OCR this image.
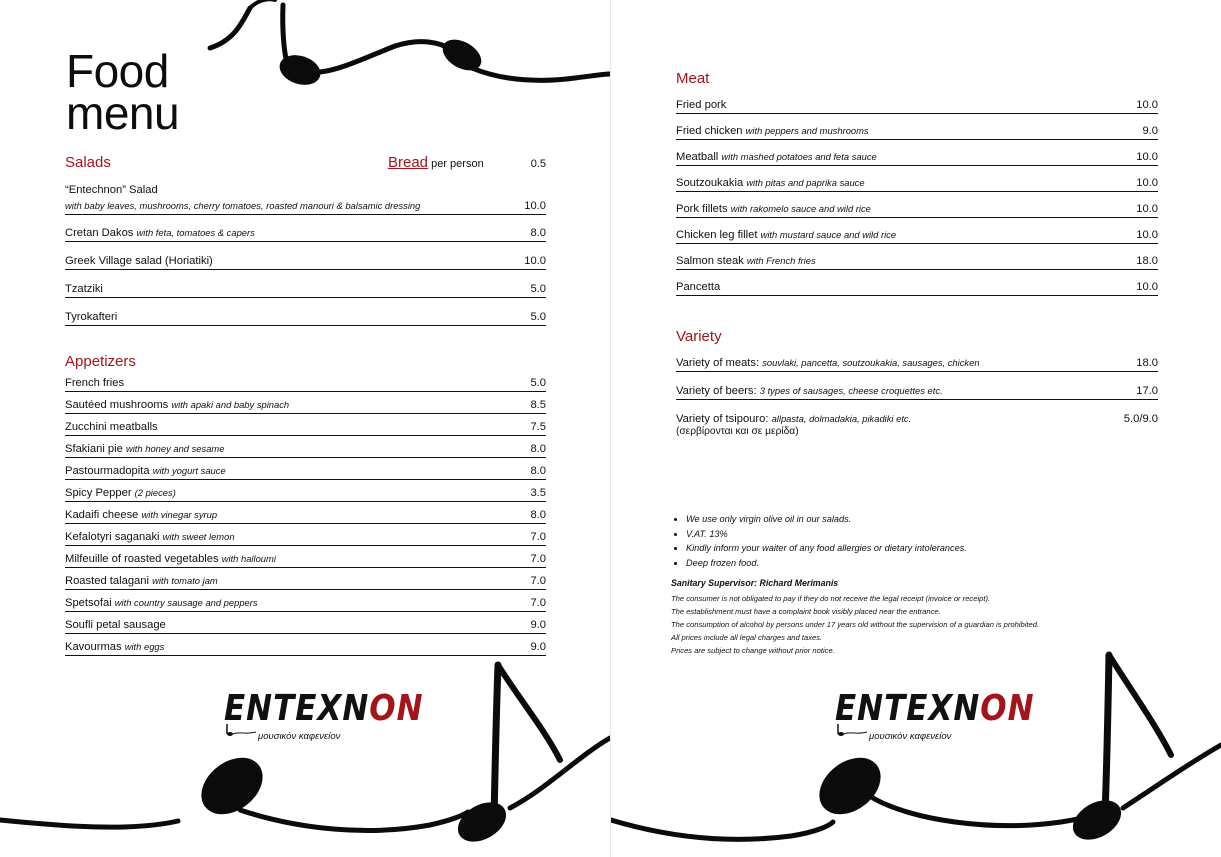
Food
menu
Salads	Bread per person	0.5
“Entechnon” Salad
with baby leaves, mushrooms, cherry tomatoes, roasted manouri & balsamic dressing	10.0
Cretan Dakos with feta, tomatoes & capers	8.0
Greek Village salad (Horiatiki)	10.0
Tzatziki	5.0
Tyrokafteri	5.0
Appetizers
French fries	5.0
Sautéed mushrooms with apaki and baby spinach	8.5
Zucchini meatballs	7.5
Sfakiani pie with honey and sesame	8.0
Pastourmadopita with yogurt sauce	8.0
Spicy Pepper (2 pieces)	3.5
Kadaifi cheese with vinegar syrup	8.0
Kefalotyri saganaki with sweet lemon	7.0
Milfeuille of roasted vegetables with halloumi	7.0
Roasted talagani with tomato jam	7.0
Spetsofai with country sausage and peppers	7.0
Soufli petal sausage	9.0
Kavourmas with eggs	9.0
ENTEXNON
μουσικόν καφενείον
Meat
Fried pork	10.0
Fried chicken with peppers and mushrooms	9.0
Meatball with mashed potatoes and feta sauce	10.0
Soutzoukakia with pitas and paprika sauce	10.0
Pork fillets with rakomelo sauce and wild rice	10.0
Chicken leg fillet with mustard sauce and wild rice	10.0
Salmon steak with French fries	18.0
Pancetta	10.0
Variety
Variety of meats: souvlaki, pancetta, soutzoukakia, sausages, chicken	18.0
Variety of beers: 3 types of sausages, cheese croquettes etc.	17.0
Variety of tsipouro: allpasta, dolmadakia, pikadiki etc.	5.0/9.0
(σερβίρονται και σε μερίδα)
• We use only virgin olive oil in our salads.
• V.AT. 13%
• Kindly inform your waiter of any food allergies or dietary intolerances.
• Deep frozen food.
Sanitary Supervisor: Richard Merimanis
The consumer is not obligated to pay if they do not receive the legal receipt (invoice or receipt).
The establishment must have a complaint book visibly placed near the entrance.
The consumption of alcohol by persons under 17 years old without the supervision of a guardian is prohibited.
All prices include all legal charges and taxes.
Prices are subject to change without prior notice.
ENTEXNON
μουσικόν καφενείον
